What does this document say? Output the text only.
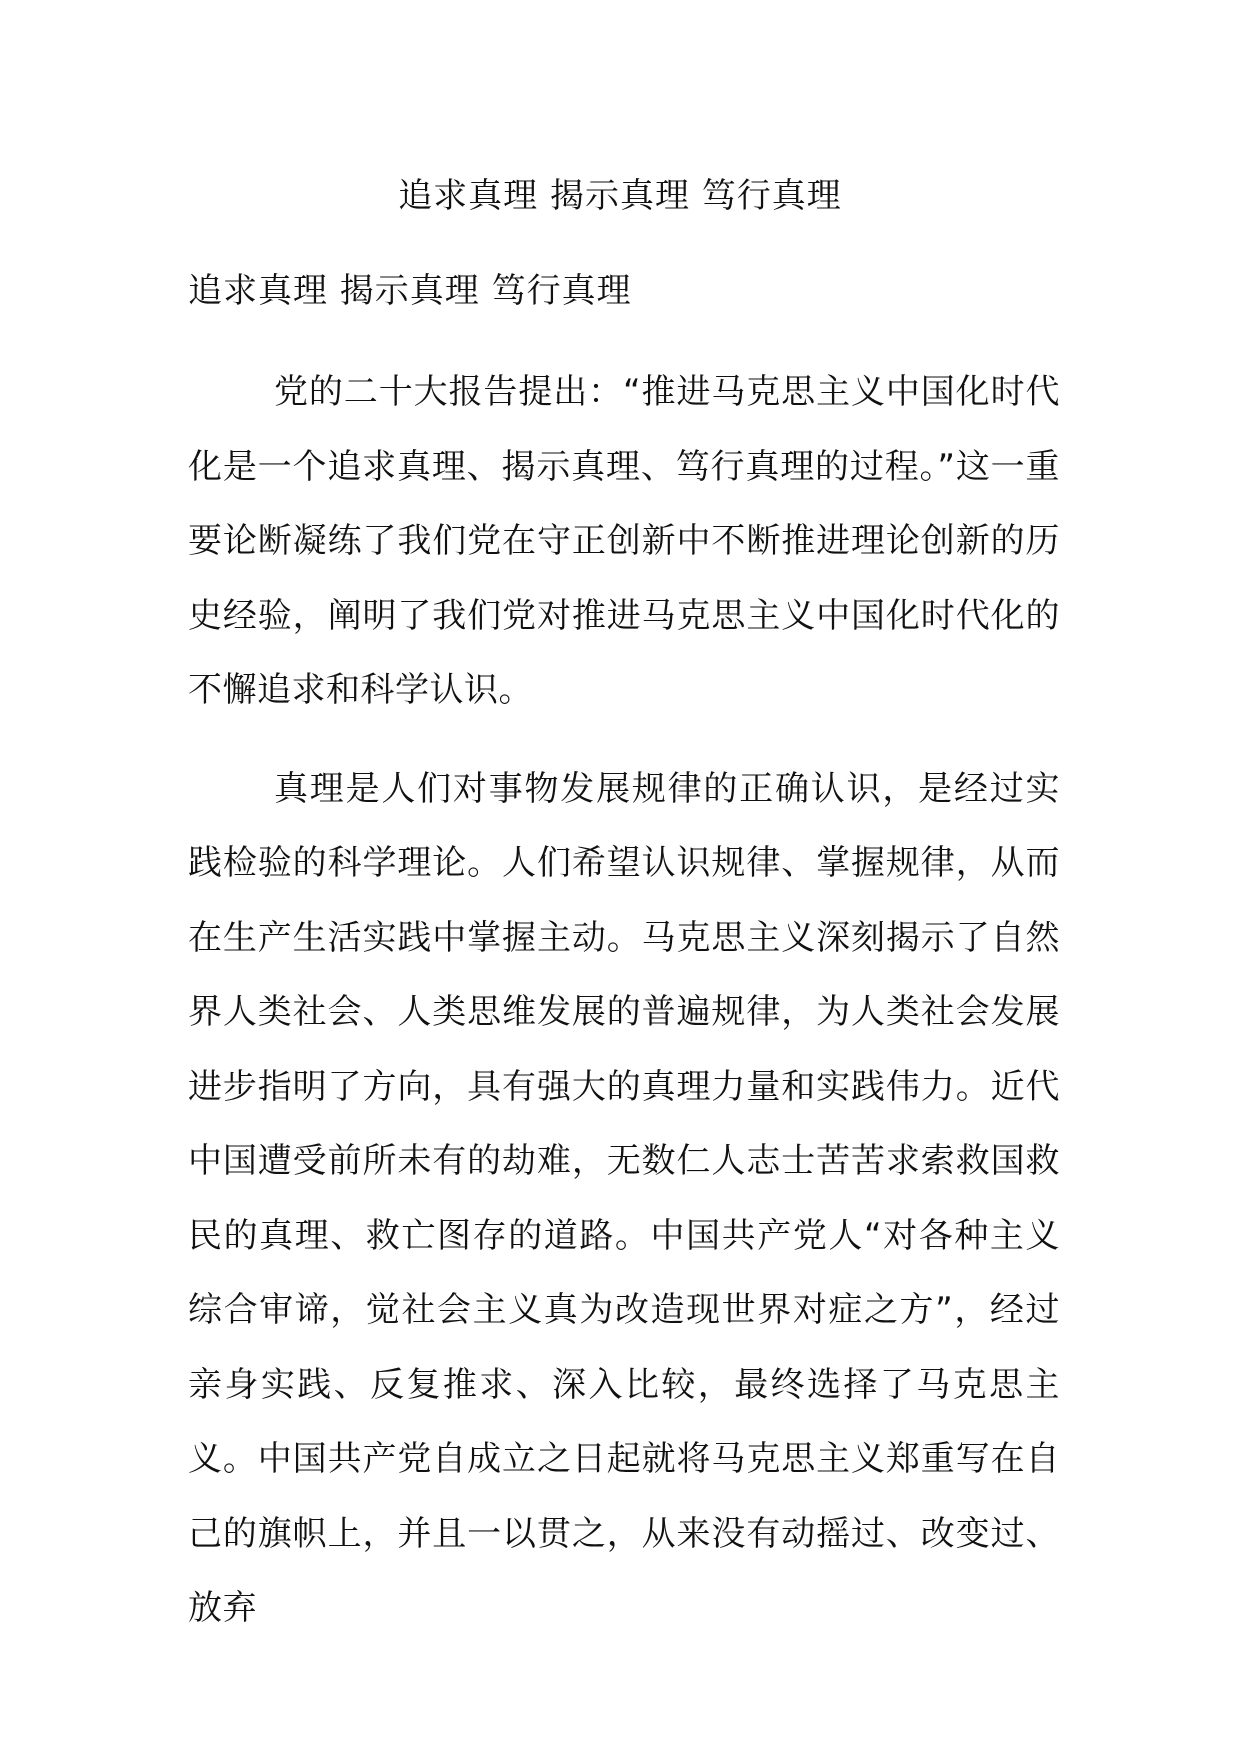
追求真理 揭示真理 笃行真理
追求真理 揭示真理 笃行真理

党的二十大报告提出：“推进马克思主义中国化时代化是一个追求真理、揭示真理、笃行真理的过程。”这一重要论断凝练了我们党在守正创新中不断推进理论创新的历史经验，阐明了我们党对推进马克思主义中国化时代化的不懈追求和科学认识。

真理是人们对事物发展规律的正确认识，是经过实践检验的科学理论。人们希望认识规律、掌握规律，从而在生产生活实践中掌握主动。马克思主义深刻揭示了自然界人类社会、人类思维发展的普遍规律，为人类社会发展进步指明了方向，具有强大的真理力量和实践伟力。近代中国遭受前所未有的劫难，无数仁人志士苦苦求索救国救民的真理、救亡图存的道路。中国共产党人“对各种主义综合审谛，觉社会主义真为改造现世界对症之方”，经过亲身实践、反复推求、深入比较，最终选择了马克思主义。中国共产党自成立之日起就将马克思主义郑重写在自己的旗帜上，并且一以贯之，从来没有动摇过、改变过、放弃
